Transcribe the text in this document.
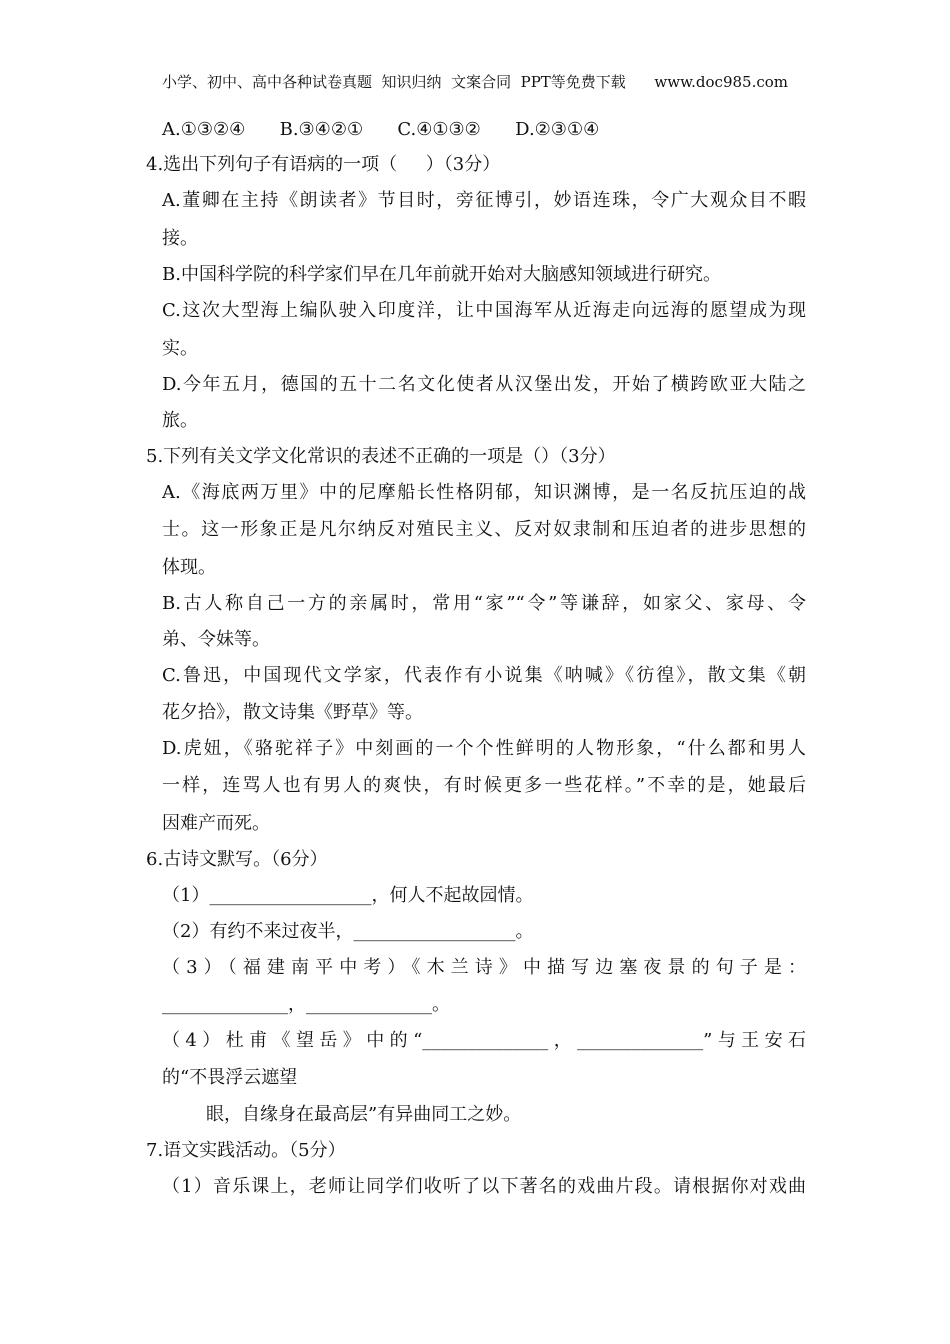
小学、初中、高中各种试卷真题  知识归纳  文案合同  PPT等免费下载      www.doc985.com
A.①③②④      B.③④②①      C.④①③②      D.②③①④
4.选出下列句子有语病的一项（     ）（3分）
A.董卿在主持《朗读者》节目时，旁征博引，妙语连珠，令广大观众目不暇
接。
B.中国科学院的科学家们早在几年前就开始对大脑感知领域进行研究。
C.这次大型海上编队驶入印度洋，让中国海军从近海走向远海的愿望成为现
实。
D.今年五月，德国的五十二名文化使者从汉堡出发，开始了横跨欧亚大陆之
旅。
5.下列有关文学文化常识的表述不正确的一项是（）（3分）
A.《海底两万里》中的尼摩船长性格阴郁，知识渊博，是一名反抗压迫的战
士。这一形象正是凡尔纳反对殖民主义、反对奴隶制和压迫者的进步思想的
体现。
B.古人称自己一方的亲属时，常用“家”“令”等谦辞，如家父、家母、令
弟、令妹等。
C.鲁迅，中国现代文学家，代表作有小说集《呐喊》《彷徨》，散文集《朝
花夕拾》，散文诗集《野草》等。
D.虎妞，《骆驼祥子》中刻画的一个个性鲜明的人物形象，“什么都和男人
一样，连骂人也有男人的爽快，有时候更多一些花样。”不幸的是，她最后
因难产而死。
6.古诗文默写。（6分）
（1）__________________，何人不起故园情。
（2）有约不来过夜半，__________________。
（3）（福建南平中考）《木兰诗》中描写边塞夜景的句子是：
______________，______________。
（4）杜甫《望岳》中的“______________，______________”与王安石
的“不畏浮云遮望
眼，自缘身在最高层”有异曲同工之妙。
7.语文实践活动。（5分）
（1）音乐课上，老师让同学们收听了以下著名的戏曲片段。请根据你对戏曲
